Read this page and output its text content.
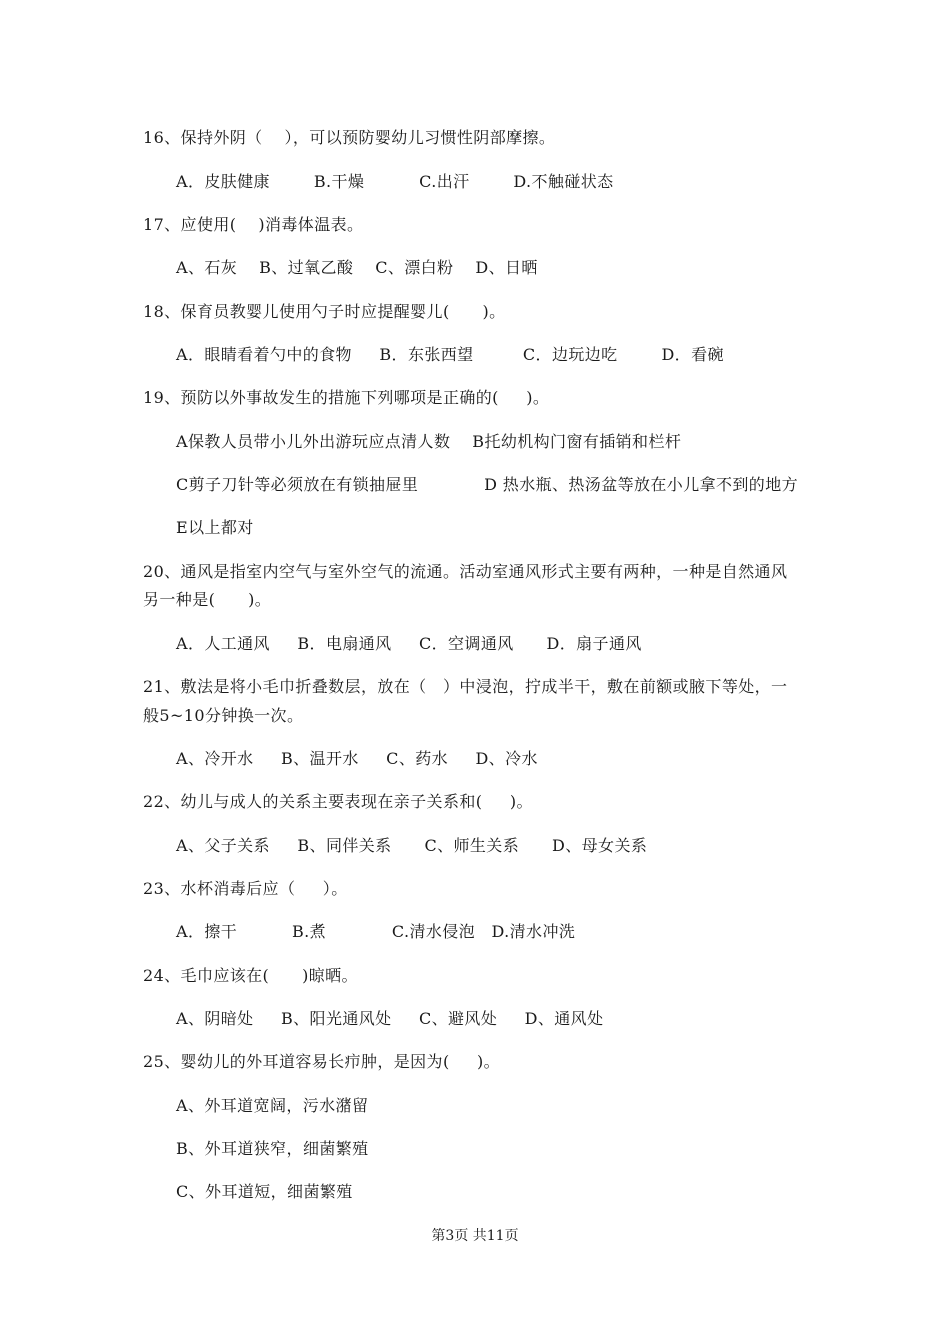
16、保持外阴（    ），可以预防婴幼儿习惯性阴部摩擦。
A．皮肤健康        B.干燥          C.出汗        D.不触碰状态
17、应使用(    )消毒体温表。
A、石灰    B、过氧乙酸    C、漂白粉    D、日晒
18、保育员教婴儿使用勺子时应提醒婴儿(      )。
A．眼睛看着勺中的食物     B．东张西望         C．边玩边吃        D．看碗
19、预防以外事故发生的措施下列哪项是正确的(     )。
A保教人员带小儿外出游玩应点清人数    B托幼机构门窗有插销和栏杆
C剪子刀针等必须放在有锁抽屉里            D 热水瓶、热汤盆等放在小儿拿不到的地方
E以上都对
20、通风是指室内空气与室外空气的流通。活动室通风形式主要有两种，一种是自然通风
另一种是(      )。
A．人工通风     B．电扇通风     C．空调通风      D．扇子通风
21、敷法是将小毛巾折叠数层，放在（   ）中浸泡，拧成半干，敷在前额或腋下等处，一
般5~10分钟换一次。
A、冷开水     B、温开水     C、药水     D、冷水
22、幼儿与成人的关系主要表现在亲子关系和(     )。
A、父子关系     B、同伴关系      C、师生关系      D、母女关系
23、水杯消毒后应（     ）。
A．擦干          B.煮            C.清水侵泡   D.清水冲洗
24、毛巾应该在(      )晾晒。
A、阴暗处     B、阳光通风处     C、避风处     D、通风处
25、婴幼儿的外耳道容易长疖肿，是因为(     )。
A、外耳道宽阔，污水潴留
B、外耳道狭窄，细菌繁殖
C、外耳道短，细菌繁殖
第3页 共11页
